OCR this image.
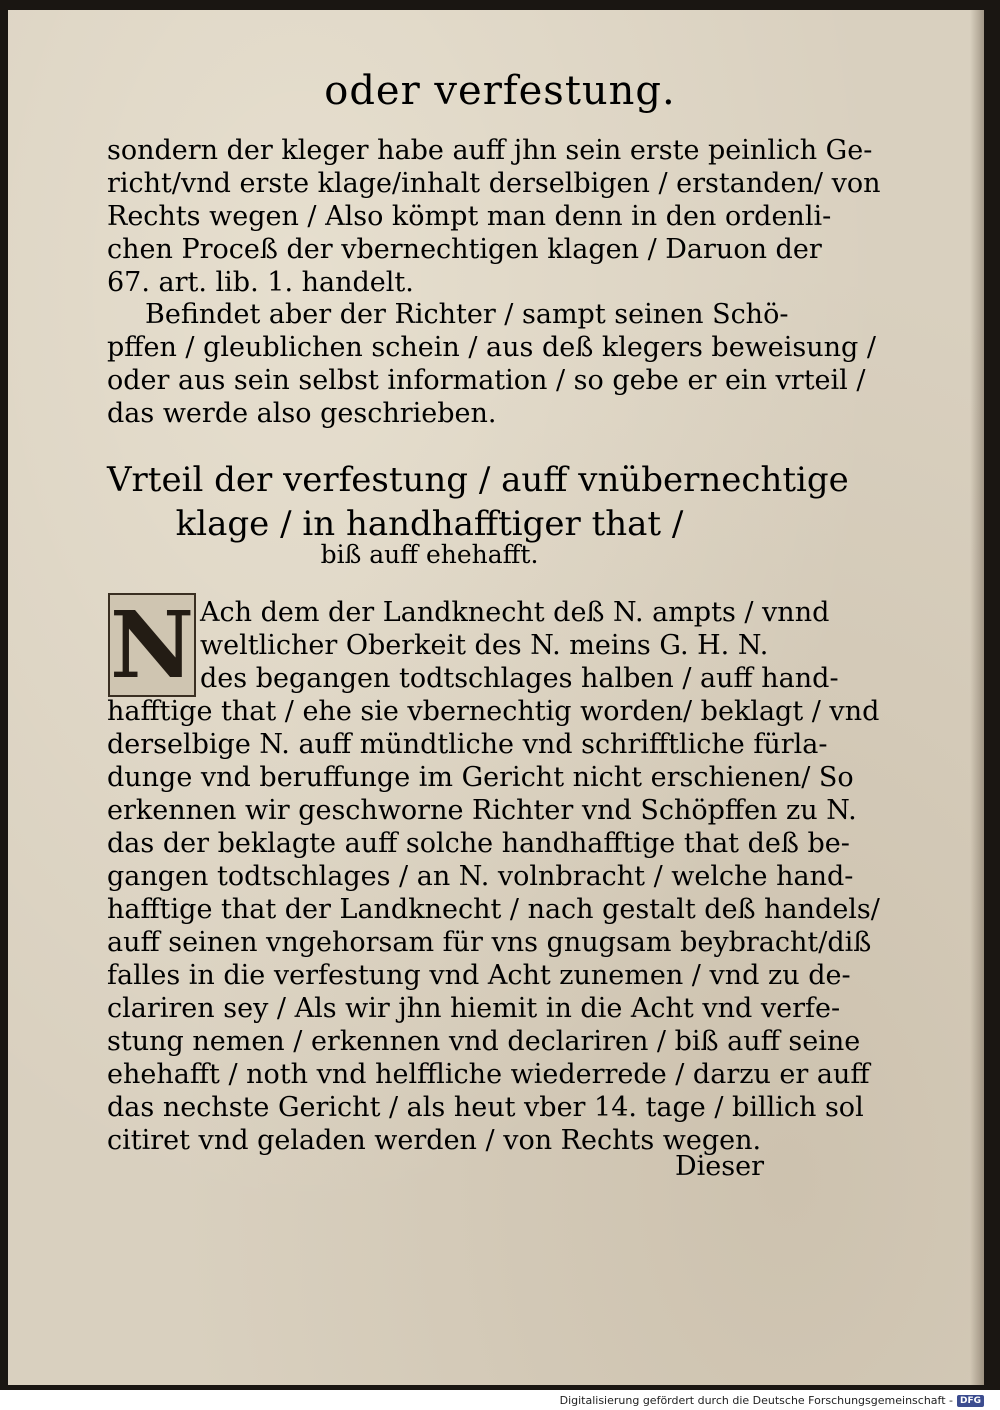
oder verfestung.
sondern der kleger habe auff jhn sein erste peinlich Ge-
richt/vnd erste klage/inhalt derselbigen / erstanden/ von
Rechts wegen / Also kömpt man denn in den ordenli-
chen Proceß der vbernechtigen klagen / Daruon der
67. art. lib. 1. handelt.
Befindet aber der Richter / sampt seinen Schö-
pffen / gleublichen schein / aus deß klegers beweisung /
oder aus sein selbst information / so gebe er ein vrteil /
das werde also geschrieben.
Vrteil der verfestung / auff vnübernechtige
klage / in handhafftiger that /
biß auff ehehafft.
N Ach dem der Landknecht deß N. ampts / vnnd
weltlicher Oberkeit des N. meins G. H. N.
des begangen todtschlages halben / auff hand-
hafftige that / ehe sie vbernechtig worden/ beklagt / vnd
derselbige N. auff mündtliche vnd schrifftliche fürla-
dunge vnd beruffunge im Gericht nicht erschienen/ So
erkennen wir geschworne Richter vnd Schöpffen zu N.
das der beklagte auff solche handhafftige that deß be-
gangen todtschlages / an N. volnbracht / welche hand-
hafftige that der Landknecht / nach gestalt deß handels/
auff seinen vngehorsam für vns gnugsam beybracht/diß
falles in die verfestung vnd Acht zunemen / vnd zu de-
clariren sey / Als wir jhn hiemit in die Acht vnd verfe-
stung nemen / erkennen vnd declariren / biß auff seine
ehehafft / noth vnd helffliche wiederrede / darzu er auff
das nechste Gericht / als heut vber 14. tage / billich sol
citiret vnd geladen werden / von Rechts wegen.
Dieser
Digitalisierung gefördert durch die Deutsche Forschungsgemeinschaft - DFG
